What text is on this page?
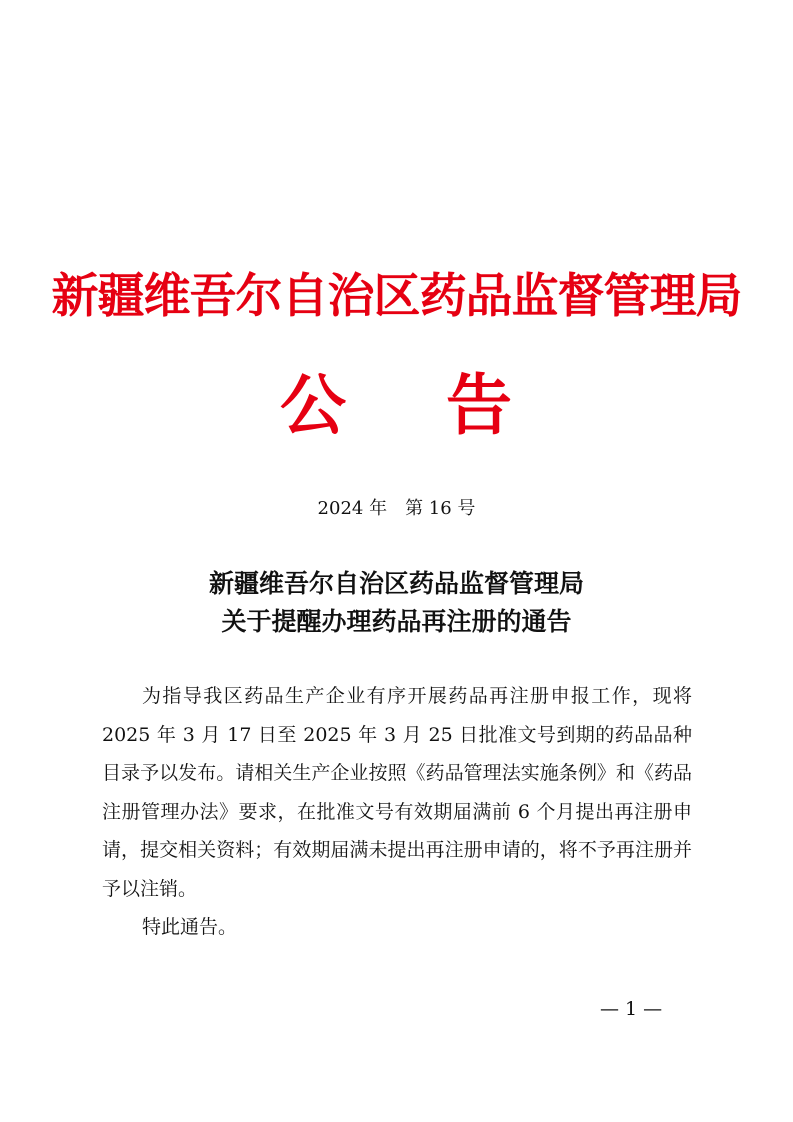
新疆维吾尔自治区药品监督管理局
公 告
2024 年　第 16 号
新疆维吾尔自治区药品监督管理局
关于提醒办理药品再注册的通告

为指导我区药品生产企业有序开展药品再注册申报工作，现将 2025 年 3 月 17 日至 2025 年 3 月 25 日批准文号到期的药品品种目录予以发布。请相关生产企业按照《药品管理法实施条例》和《药品注册管理办法》要求，在批准文号有效期届满前 6 个月提出再注册申请，提交相关资料；有效期届满未提出再注册申请的，将不予再注册并予以注销。

特此通告。

— 1 —
